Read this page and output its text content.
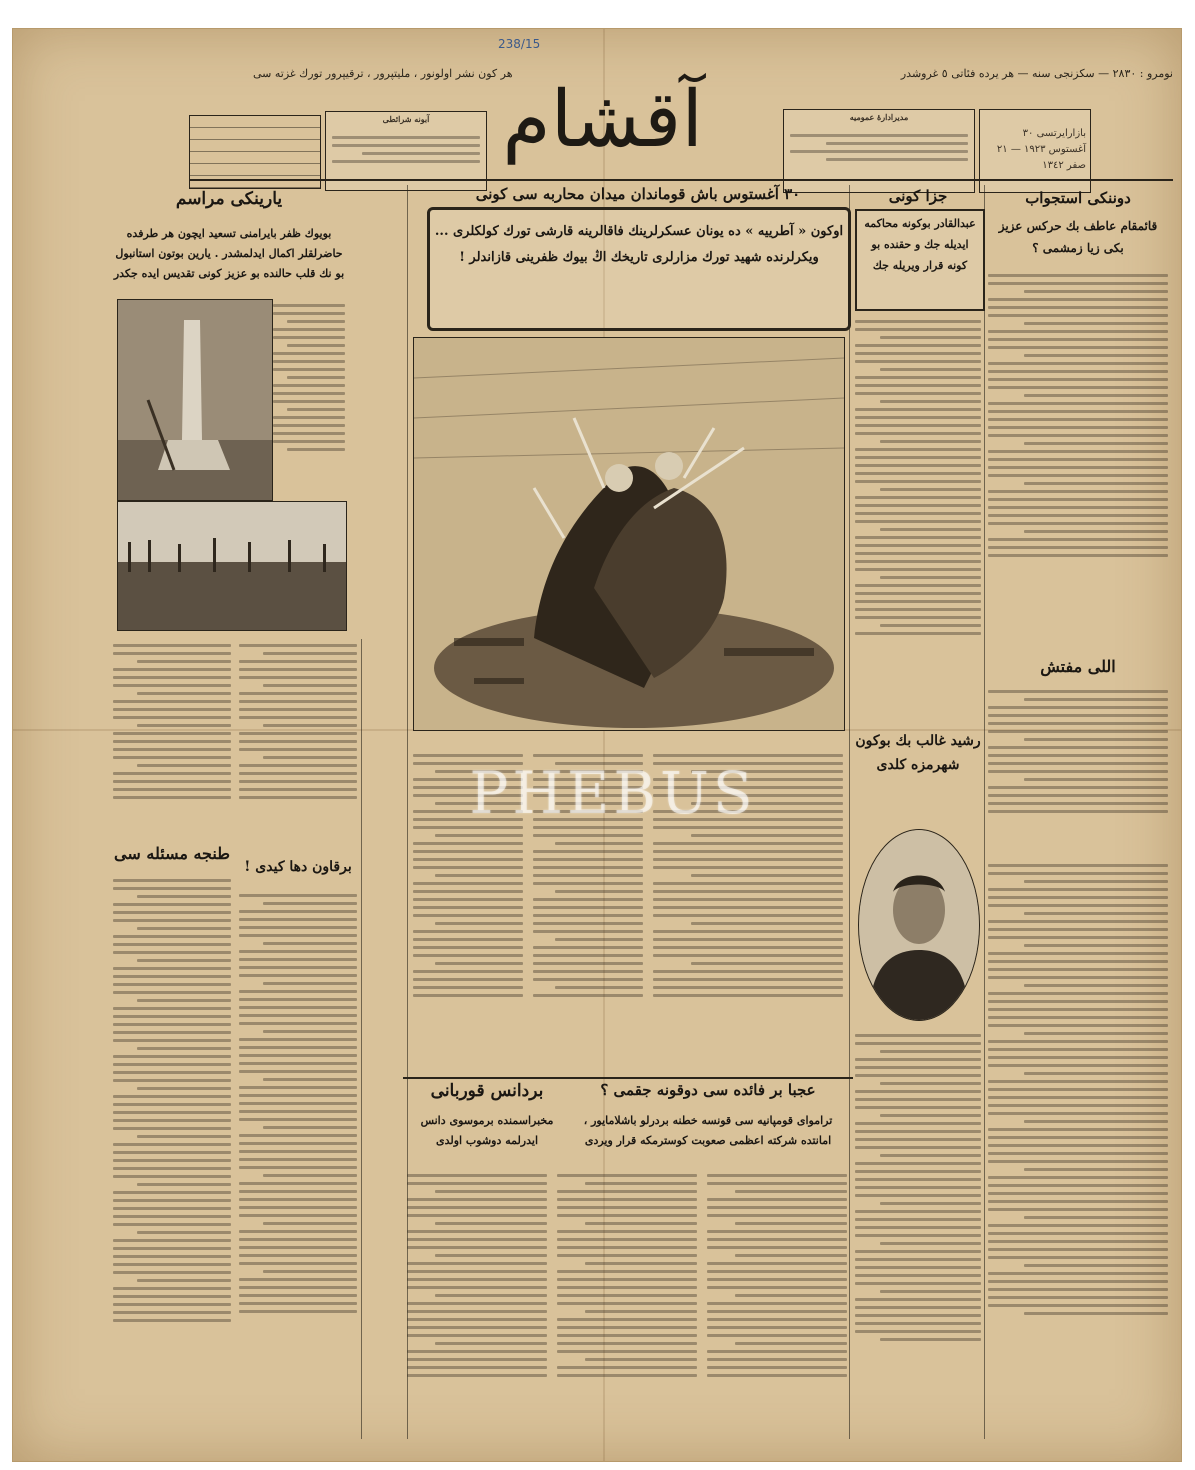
238/15
هر كون نشر اولونور ، مليتپرور ، ترقيپرور تورك غزته سى	نومرو : ٢٨٣٠ — سكزنجى سنه — هر يرده فئاتى ٥ غروشدر

آبونه شرائطى آقشام	مديرادارهٔ عموميه

بازارايرتسى ٣٠ آغستوس ١٩٢٣ — ٢١ صفر ١٣٤٢

يارينكى مراسم
بويوك ظفر بايرامنى تسعيد ايچون هر طرفده حاضرلقلر اكمال ايدلمشدر . يارين بوتون استانبول بو نك قلب حالنده بو عزيز كونى تقديس ايده جكدر
طنجه مسئله سى
برقاون دها كيدى !
٣٠ آغستوس باش قوماندان ميدان محاربه سى كونى

اوكون « آطرييه » ده يونان عسكرلرينك فاقالرينه قارشى تورك كولكلرى ...

ويكرلرنده شهيد تورك مزارلرى تاريخك اڭ بيوك ظفرينى قازاندلر !

بردانس قوربانى
مخبراسمنده برموسوى دانس ايدرلمه دوشوب اولدى
عجبا بر فائده سى دوقونه جقمى ؟
ترامواى قومپانيه سى قونسه خطنه بردرلو باشلامايور ، امانتده شركته اعظمى صعوبت كوسترمكه قرار ويردى
جزا كونى

عبدالقادر بوكونه محاكمه ايديله جك و حقنده بو كونه قرار ويريله جك

دوننكى استجواب
قائمقام عاطف بك حركس عزيز بكى زيا زمشمى ؟
اللى مفتش
رشيد غالب بك بوكون شهرمزه كلدى
PHEBUS
